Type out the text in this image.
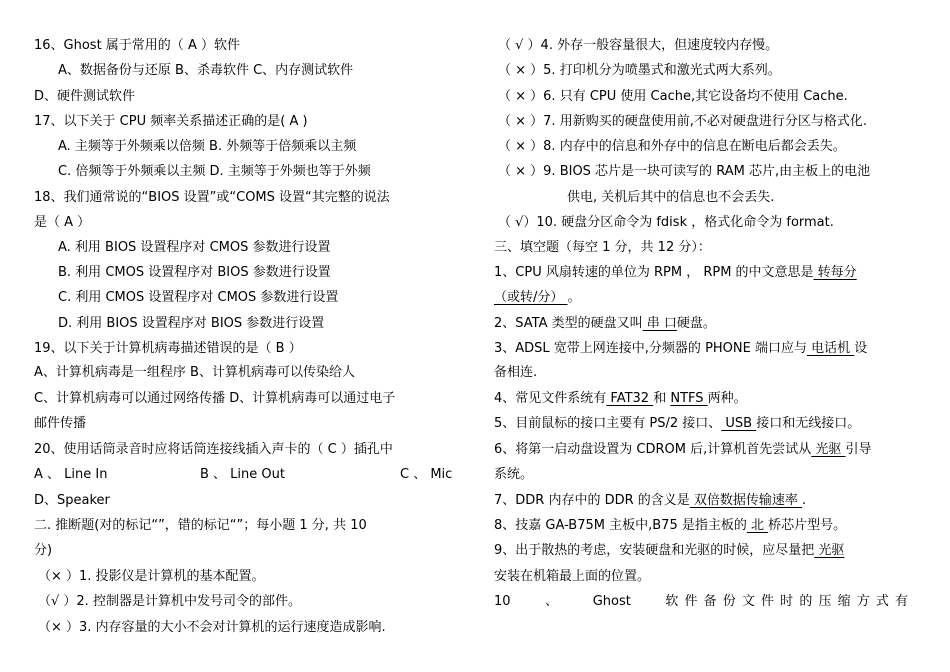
16、Ghost 属于常用的（ A ）软件
A、数据备份与还原 B、杀毒软件 C、内存测试软件
D、硬件测试软件
17、以下关于 CPU 频率关系描述正确的是( A )
A. 主频等于外频乘以倍频 B. 外频等于倍频乘以主频
C. 倍频等于外频乘以主频 D. 主频等于外频也等于外频
18、我们通常说的“BIOS 设置”或“COMS 设置“其完整的说法
是（ A ）
A. 利用 BIOS 设置程序对 CMOS 参数进行设置
B. 利用 CMOS 设置程序对 BIOS 参数进行设置
C. 利用 CMOS 设置程序对 CMOS 参数进行设置
D. 利用 BIOS 设置程序对 BIOS 参数进行设置
19、以下关于计算机病毒描述错误的是（ B ）
A、计算机病毒是一组程序 B、计算机病毒可以传染给人
C、计算机病毒可以通过网络传播 D、计算机病毒可以通过电子
邮件传播
20、使用话筒录音时应将话筒连接线插入声卡的（ C ）插孔中
A 、 Line In	B 、 Line Out	C 、 Mic
D、Speaker
二. 推断题(对的标记“”，错的标记“”；每小题 1 分, 共 10
分)
（× ）1. 投影仪是计算机的基本配置。
（√ ）2. 控制器是计算机中发号司令的部件。
（× ）3. 内存容量的大小不会对计算机的运行速度造成影响.
（ √ ）4. 外存一般容量很大，但速度较内存慢。
（ × ）5. 打印机分为喷墨式和激光式两大系列。
（ × ）6. 只有 CPU 使用 Cache,其它设备均不使用 Cache.
（ × ）7. 用新购买的硬盘使用前,不必对硬盘进行分区与格式化.
（ × ）8. 内存中的信息和外存中的信息在断电后都会丢失。
（ × ）9. BIOS 芯片是一块可读写的 RAM 芯片,由主板上的电池
供电, 关机后其中的信息也不会丢失.
（ √）10. 硬盘分区命令为 fdisk ，格式化命令为 format.
三、填空题（每空 1 分，共 12 分）：
1、CPU 风扇转速的单位为 RPM ， RPM 的中文意思是 转每分
（或转/分） 。
2、SATA 类型的硬盘又叫 串 口硬盘。
3、ADSL 宽带上网连接中,分频器的 PHONE 端口应与 电话机 设
备相连.
4、常见文件系统有 FAT32 和 NTFS 两种。
5、目前鼠标的接口主要有 PS/2 接口、 USB 接口和无线接口。
6、将第一启动盘设置为 CDROM 后,计算机首先尝试从 光驱 引导
系统。
7、DDR 内存中的 DDR 的含义是 双倍数据传输速率 .
8、技嘉 GA-B75M 主板中,B75 是指主板的 北 桥芯片型号。
9、出于散热的考虑，安装硬盘和光驱的时候，应尽量把 光驱
安装在机箱最上面的位置。
10	、	Ghost	软 件 备 份 文 件 时 的 压 缩 方 式 有
